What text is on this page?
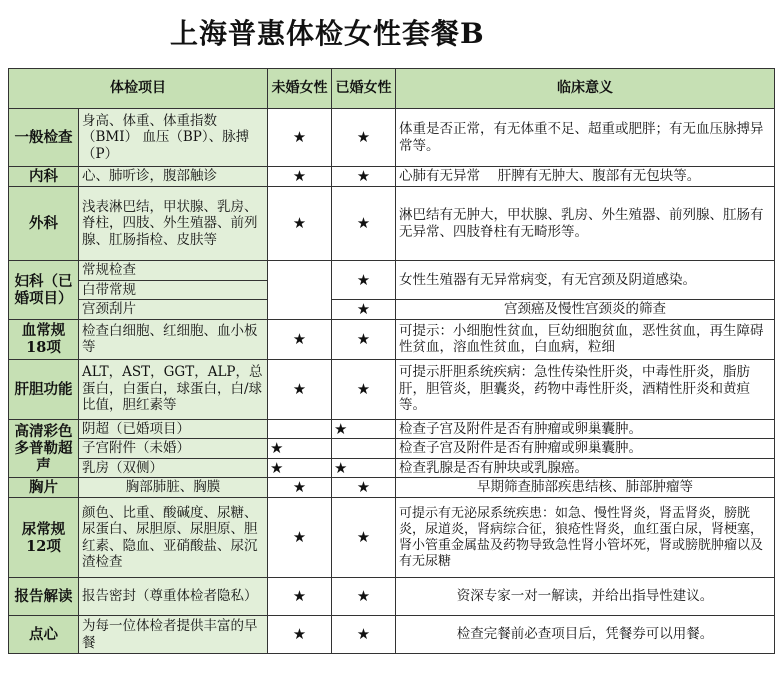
上海普惠体检女性套餐B
体检项目		未婚女性	已婚女性	临床意义
一般检查	身高、体重、体重指数（BMI） 血压（BP）、脉搏（P）	★	★	体重是否正常，有无体重不足、超重或肥胖；有无血压脉搏异常等。
内科	心、肺听诊，腹部触诊	★	★	心肺有无异常　 肝脾有无肿大、腹部有无包块等。
外科	浅表淋巴结，甲状腺、乳房、脊柱，四肢、外生殖器、前列腺、肛肠指检、皮肤等	★	★	淋巴结有无肿大，甲状腺、乳房、外生殖器、前列腺、肛肠有无异常、四肢脊柱有无畸形等。
妇科（已婚项目）	常规检查		★	女性生殖器有无异常病变，有无宫颈及阴道感染。
	白带常规			
	宫颈刮片		★	宫颈癌及慢性宫颈炎的筛查
血常规18项	检查白细胞、红细胞、血小板等	★	★	可提示：小细胞性贫血，巨幼细胞贫血，恶性贫血，再生障碍性贫血，溶血性贫血，白血病，粒细
肝胆功能	ALT，AST，GGT，ALP，总蛋白，白蛋白，球蛋白，白/球比值，胆红素等	★	★	可提示肝胆系统疾病：急性传染性肝炎，中毒性肝炎，脂肪肝，胆管炎，胆囊炎，药物中毒性肝炎，酒精性肝炎和黄疸等。
高清彩色多普勒超声	阴超（已婚项目）		★	检查子宫及附件是否有肿瘤或卵巢囊肿。
	子宫附件（未婚）	★		检查子宫及附件是否有肿瘤或卵巢囊肿。
	乳房（双侧）	★	★	检查乳腺是否有肿块或乳腺癌。
胸片	胸部肺脏、胸膜	★	★	早期筛查肺部疾患结核、肺部肿瘤等
尿常规12项	颜色、比重、酸碱度、尿糖、尿蛋白、尿胆原、尿胆原、胆红素、隐血、亚硝酸盐、尿沉渣检查	★	★	可提示有无泌尿系统疾患：如急、慢性肾炎，肾盂肾炎，膀胱炎，尿道炎，肾病综合征，狼疮性肾炎，血红蛋白尿，肾梗塞，肾小管重金属盐及药物导致急性肾小管坏死，肾或膀胱肿瘤以及有无尿糖
报告解读	报告密封（尊重体检者隐私）	★	★	资深专家一对一解读，并给出指导性建议。
点心	为每一位体检者提供丰富的早餐	★	★	检查完餐前必查项目后，凭餐券可以用餐。
